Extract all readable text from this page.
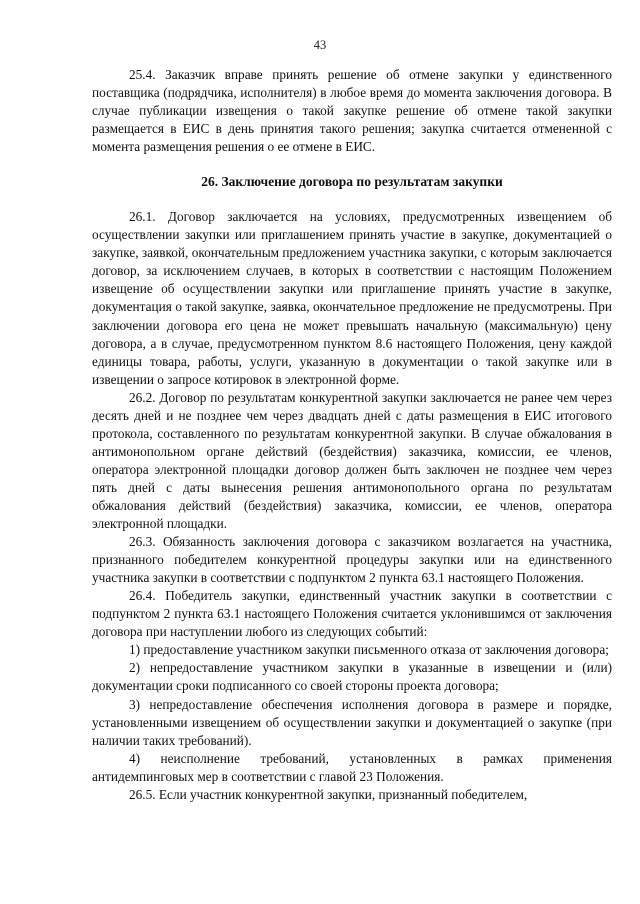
43

25.4. Заказчик вправе принять решение об отмене закупки у единственного поставщика (подрядчика, исполнителя) в любое время до момента заключения договора. В случае публикации извещения о такой закупке решение об отмене такой закупки размещается в ЕИС в день принятия такого решения; закупка считается отмененной с момента размещения решения о ее отмене в ЕИС.

26. Заключение договора по результатам закупки

26.1. Договор заключается на условиях, предусмотренных извещением об осуществлении закупки или приглашением принять участие в закупке, документацией о закупке, заявкой, окончательным предложением участника закупки, с которым заключается договор, за исключением случаев, в которых в соответствии с настоящим Положением извещение об осуществлении закупки или приглашение принять участие в закупке, документация о такой закупке, заявка, окончательное предложение не предусмотрены. При заключении договора его цена не может превышать начальную (максимальную) цену договора, а в случае, предусмотренном пунктом 8.6 настоящего Положения, цену каждой единицы товара, работы, услуги, указанную в документации о такой закупке или в извещении о запросе котировок в электронной форме.

26.2. Договор по результатам конкурентной закупки заключается не ранее чем через десять дней и не позднее чем через двадцать дней с даты размещения в ЕИС итогового протокола, составленного по результатам конкурентной закупки. В случае обжалования в антимонопольном органе действий (бездействия) заказчика, комиссии, ее членов, оператора электронной площадки договор должен быть заключен не позднее чем через пять дней с даты вынесения решения антимонопольного органа по результатам обжалования действий (бездействия) заказчика, комиссии, ее членов, оператора электронной площадки.

26.3. Обязанность заключения договора с заказчиком возлагается на участника, признанного победителем конкурентной процедуры закупки или на единственного участника закупки в соответствии с подпунктом 2 пункта 63.1 настоящего Положения.

26.4. Победитель закупки, единственный участник закупки в соответствии с подпунктом 2 пункта 63.1 настоящего Положения считается уклонившимся от заключения договора при наступлении любого из следующих событий:

1) предоставление участником закупки письменного отказа от заключения договора;

2) непредоставление участником закупки в указанные в извещении и (или) документации сроки подписанного со своей стороны проекта договора;

3) непредоставление обеспечения исполнения договора в размере и порядке, установленными извещением об осуществлении закупки и документацией о закупке (при наличии таких требований).

4) неисполнение требований, установленных в рамках применения антидемпинговых мер в соответствии с главой 23 Положения.

26.5. Если участник конкурентной закупки, признанный победителем,
